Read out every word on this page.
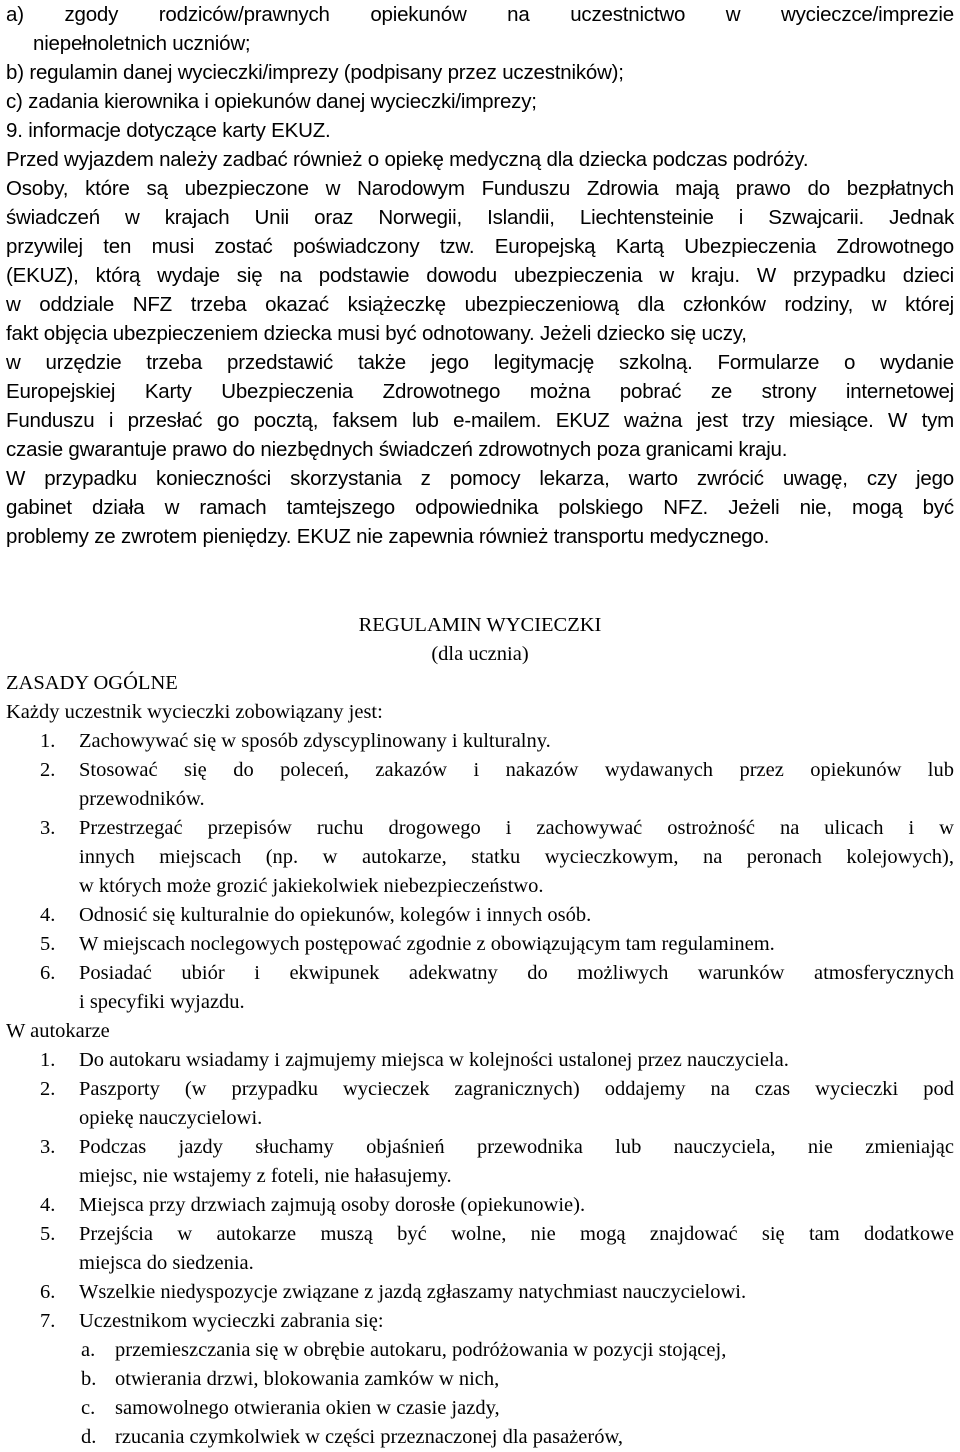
a) zgody rodziców/prawnych opiekunów na uczestnictwo w wycieczce/imprezie
niepełnoletnich uczniów;
b) regulamin danej wycieczki/imprezy (podpisany przez uczestników);
c) zadania kierownika i opiekunów danej wycieczki/imprezy;
9. informacje dotyczące karty EKUZ.
Przed wyjazdem należy zadbać również o opiekę medyczną dla dziecka podczas podróży.
Osoby, które są ubezpieczone w Narodowym Funduszu Zdrowia mają prawo do bezpłatnych
świadczeń w krajach Unii oraz Norwegii, Islandii, Liechtensteinie i Szwajcarii. Jednak
przywilej ten musi zostać poświadczony tzw. Europejską Kartą Ubezpieczenia Zdrowotnego
(EKUZ), którą wydaje się na podstawie dowodu ubezpieczenia w kraju. W przypadku dzieci
w oddziale NFZ trzeba okazać książeczkę ubezpieczeniową dla członków rodziny, w której
fakt objęcia ubezpieczeniem dziecka musi być odnotowany. Jeżeli dziecko się uczy,
w urzędzie trzeba przedstawić także jego legitymację szkolną. Formularze o wydanie
Europejskiej Karty Ubezpieczenia Zdrowotnego można pobrać ze strony internetowej
Funduszu i przesłać go pocztą, faksem lub e-mailem. EKUZ ważna jest trzy miesiące. W tym
czasie gwarantuje prawo do niezbędnych świadczeń zdrowotnych poza granicami kraju.
W przypadku konieczności skorzystania z pomocy lekarza, warto zwrócić uwagę, czy jego
gabinet działa w ramach tamtejszego odpowiednika polskiego NFZ. Jeżeli nie, mogą być
problemy ze zwrotem pieniędzy. EKUZ nie zapewnia również transportu medycznego.
REGULAMIN WYCIECZKI
(dla ucznia)
ZASADY OGÓLNE
Każdy uczestnik wycieczki zobowiązany jest:
1. Zachowywać się w sposób zdyscyplinowany i kulturalny.
2. Stosować się do poleceń, zakazów i nakazów wydawanych przez opiekunów lub
przewodników.
3. Przestrzegać przepisów ruchu drogowego i zachowywać ostrożność na ulicach i w
innych miejscach (np. w autokarze, statku wycieczkowym, na peronach kolejowych),
w których może grozić jakiekolwiek niebezpieczeństwo.
4. Odnosić się kulturalnie do opiekunów, kolegów i innych osób.
5. W miejscach noclegowych postępować zgodnie z obowiązującym tam regulaminem.
6. Posiadać ubiór i ekwipunek adekwatny do możliwych warunków atmosferycznych
i specyfiki wyjazdu.
W autokarze
1. Do autokaru wsiadamy i zajmujemy miejsca w kolejności ustalonej przez nauczyciela.
2. Paszporty (w przypadku wycieczek zagranicznych) oddajemy na czas wycieczki pod
opiekę nauczycielowi.
3. Podczas jazdy słuchamy objaśnień przewodnika lub nauczyciela, nie zmieniając
miejsc, nie wstajemy z foteli, nie hałasujemy.
4. Miejsca przy drzwiach zajmują osoby dorosłe (opiekunowie).
5. Przejścia w autokarze muszą być wolne, nie mogą znajdować się tam dodatkowe
miejsca do siedzenia.
6. Wszelkie niedyspozycje związane z jazdą zgłaszamy natychmiast nauczycielowi.
7. Uczestnikom wycieczki zabrania się:
a. przemieszczania się w obrębie autokaru, podróżowania w pozycji stojącej,
b. otwierania drzwi, blokowania zamków w nich,
c. samowolnego otwierania okien w czasie jazdy,
d. rzucania czymkolwiek w części przeznaczonej dla pasażerów,
